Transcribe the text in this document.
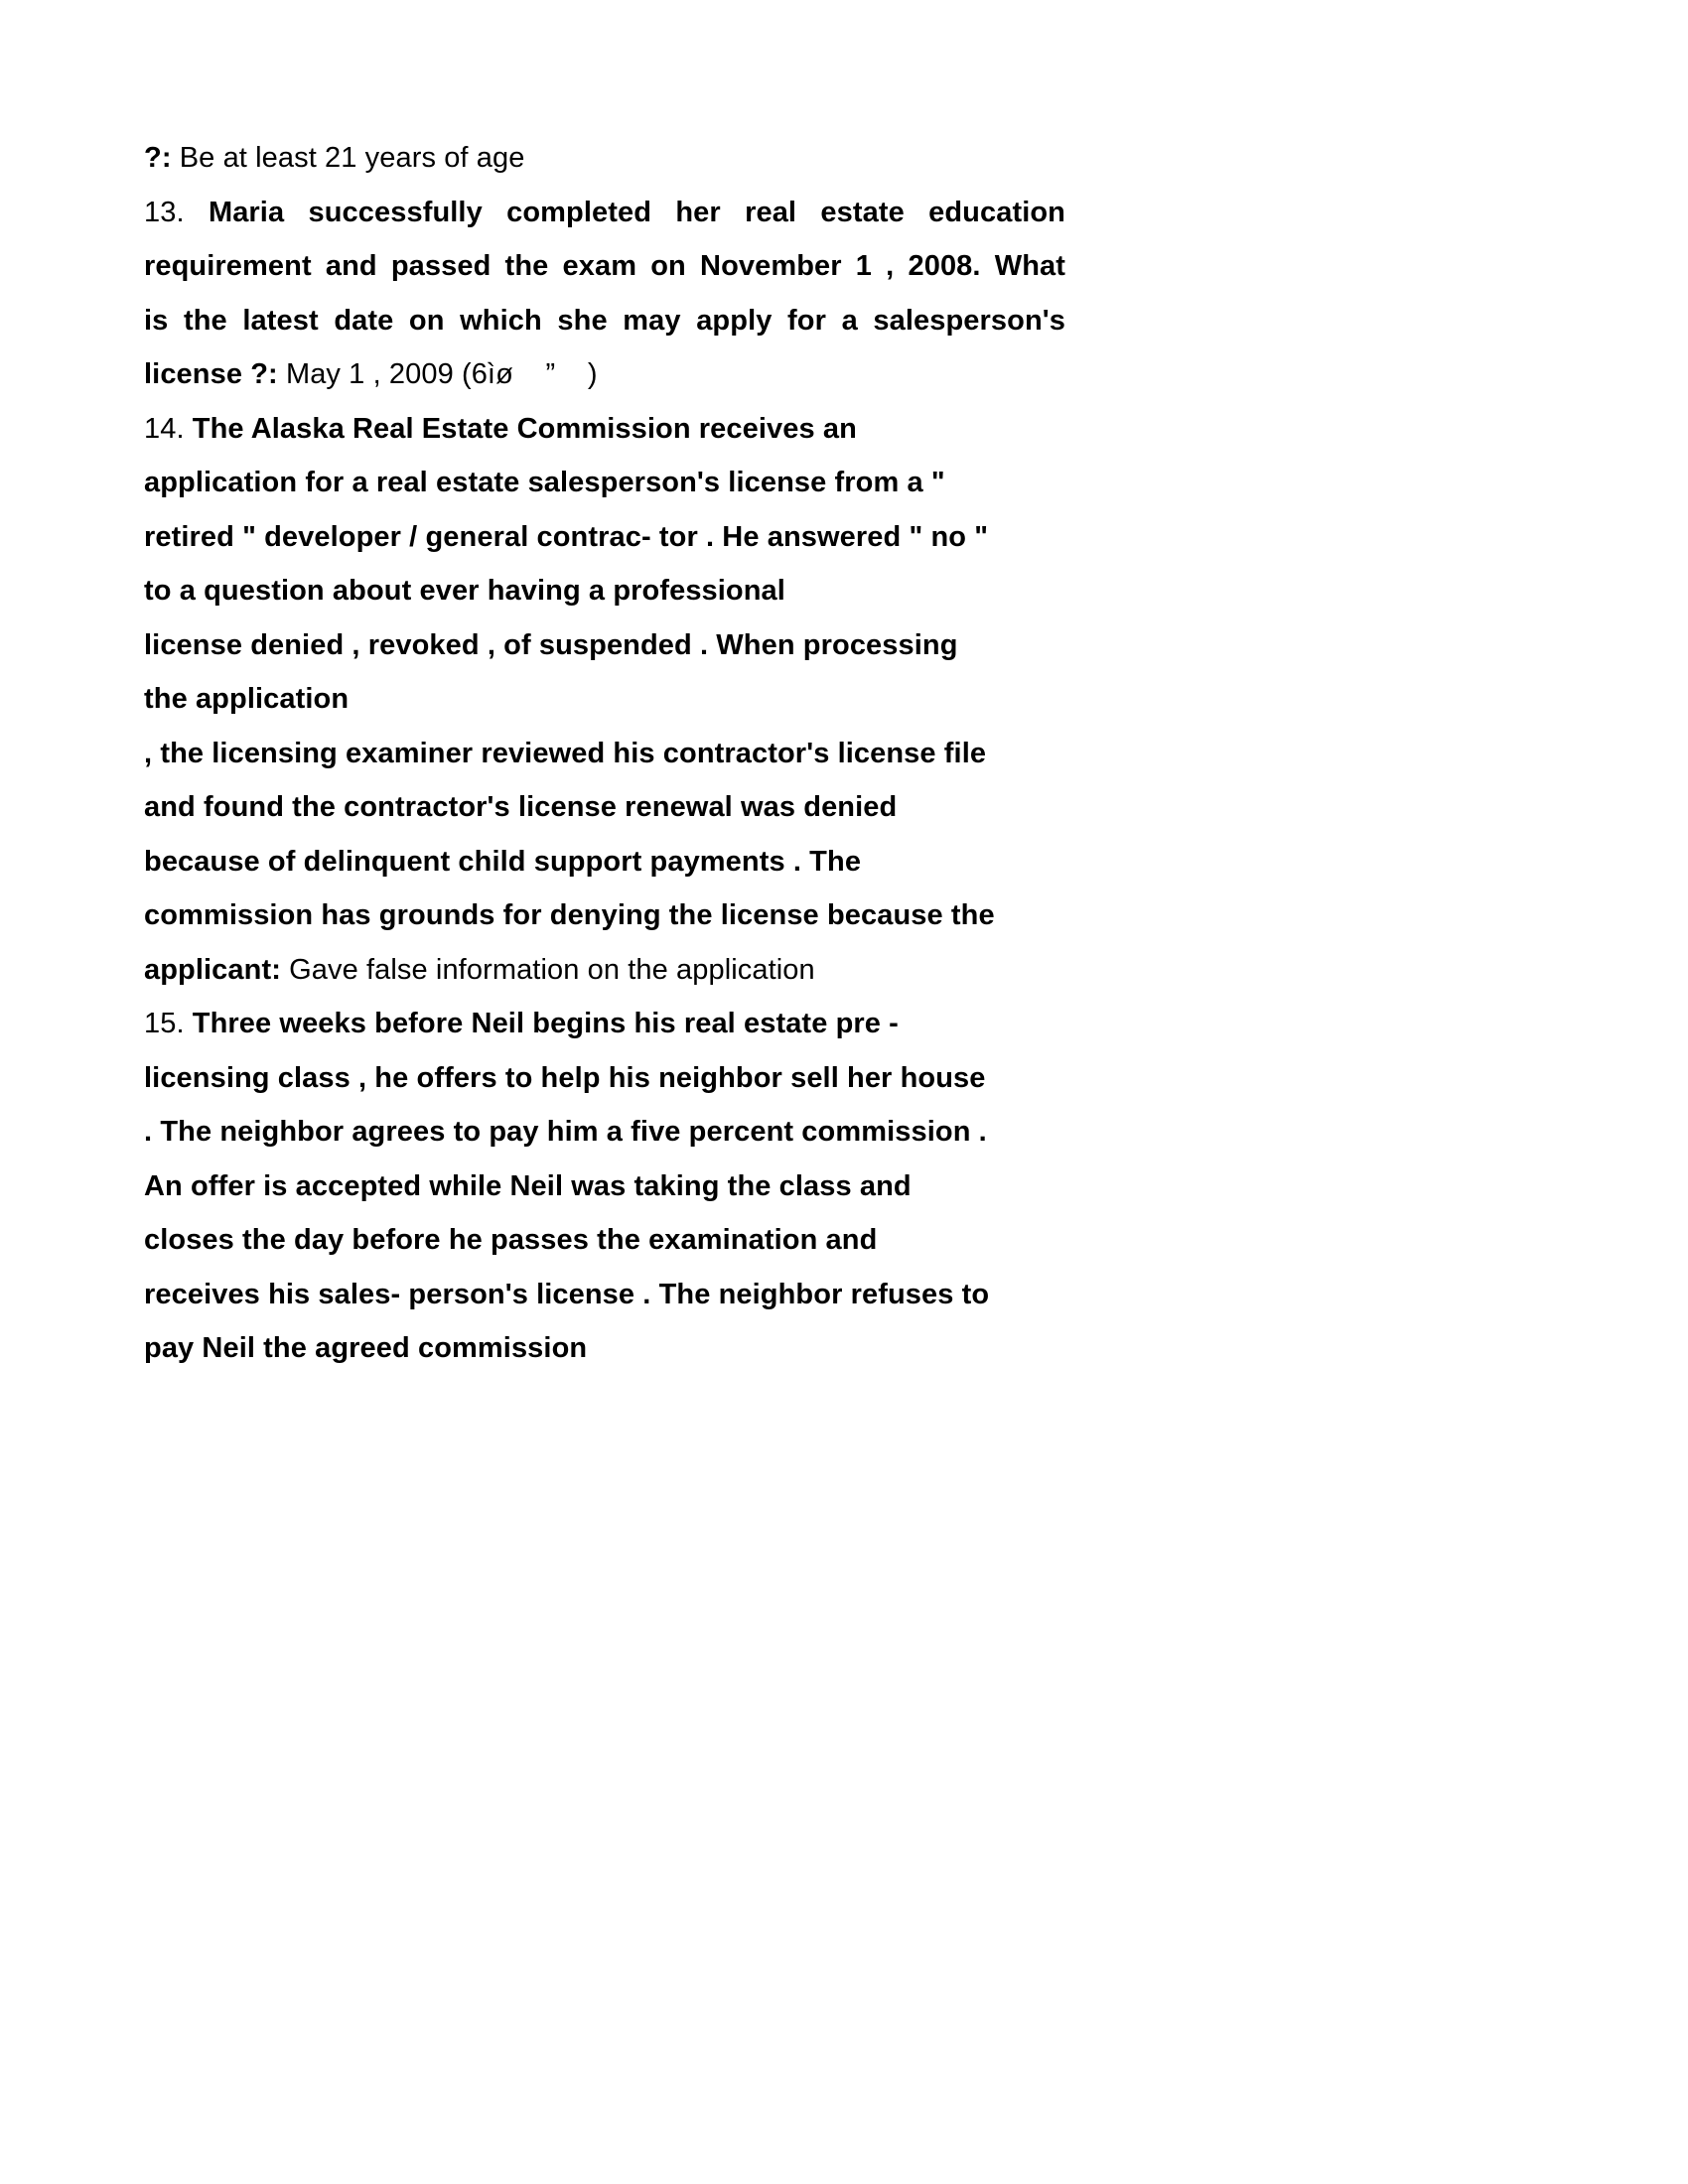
?: Be at least 21 years of age
13. Maria successfully completed her real estate education
requirement and passed the exam on November 1 , 2008. What
is the latest date on which she may apply for a salesperson's
license ?: May 1 , 2009 (6ìø    ”    )
14. The Alaska Real Estate Commission receives an
application for a real estate salesperson's license from a "
retired " developer / general contrac- tor . He answered " no "
to a question about ever having a professional
license denied , revoked , of suspended . When processing
the application
, the licensing examiner reviewed his contractor's license file
and found the contractor's license renewal was denied
because of delinquent child support payments . The
commission has grounds for denying the license because the
applicant: Gave false information on the application
15. Three weeks before Neil begins his real estate pre -
licensing class , he offers to help his neighbor sell her house
. The neighbor agrees to pay him a five percent commission .
An offer is accepted while Neil was taking the class and
closes the day before he passes the examination and
receives his sales- person's license . The neighbor refuses to
pay Neil the agreed commission
